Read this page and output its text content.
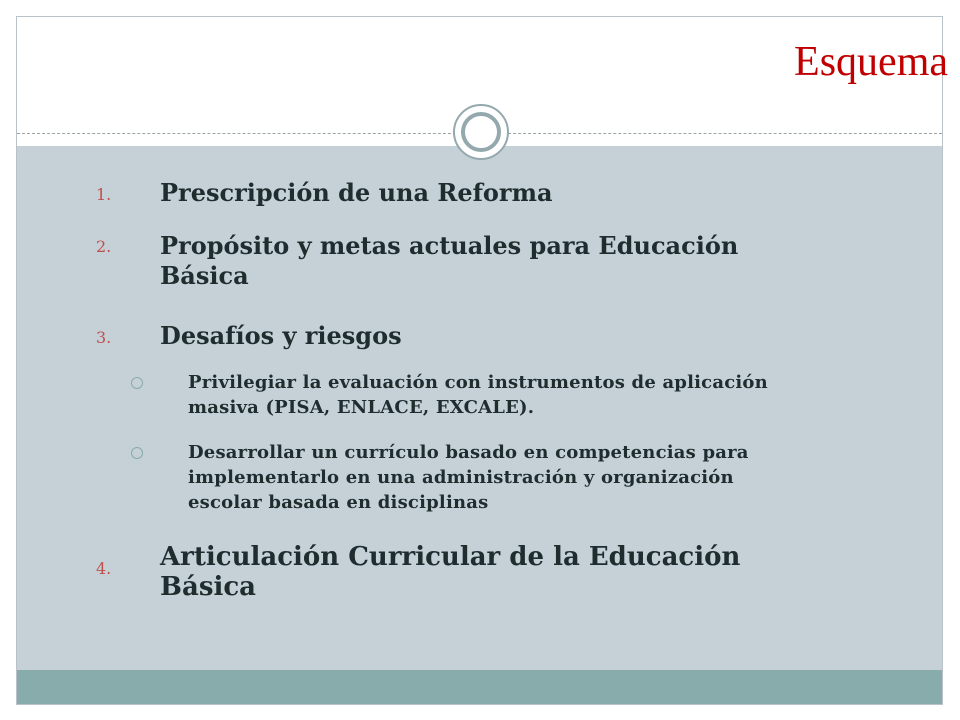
Esquema
1. Prescripción de una Reforma
2. Propósito y metas actuales para Educación
Básica
3. Desafíos y riesgos
Privilegiar la evaluación con instrumentos de aplicación
masiva (PISA, ENLACE, EXCALE).
Desarrollar un currículo basado en competencias para
implementarlo en una administración y organización
escolar basada en disciplinas
4. Articulación Curricular de la Educación
Básica
